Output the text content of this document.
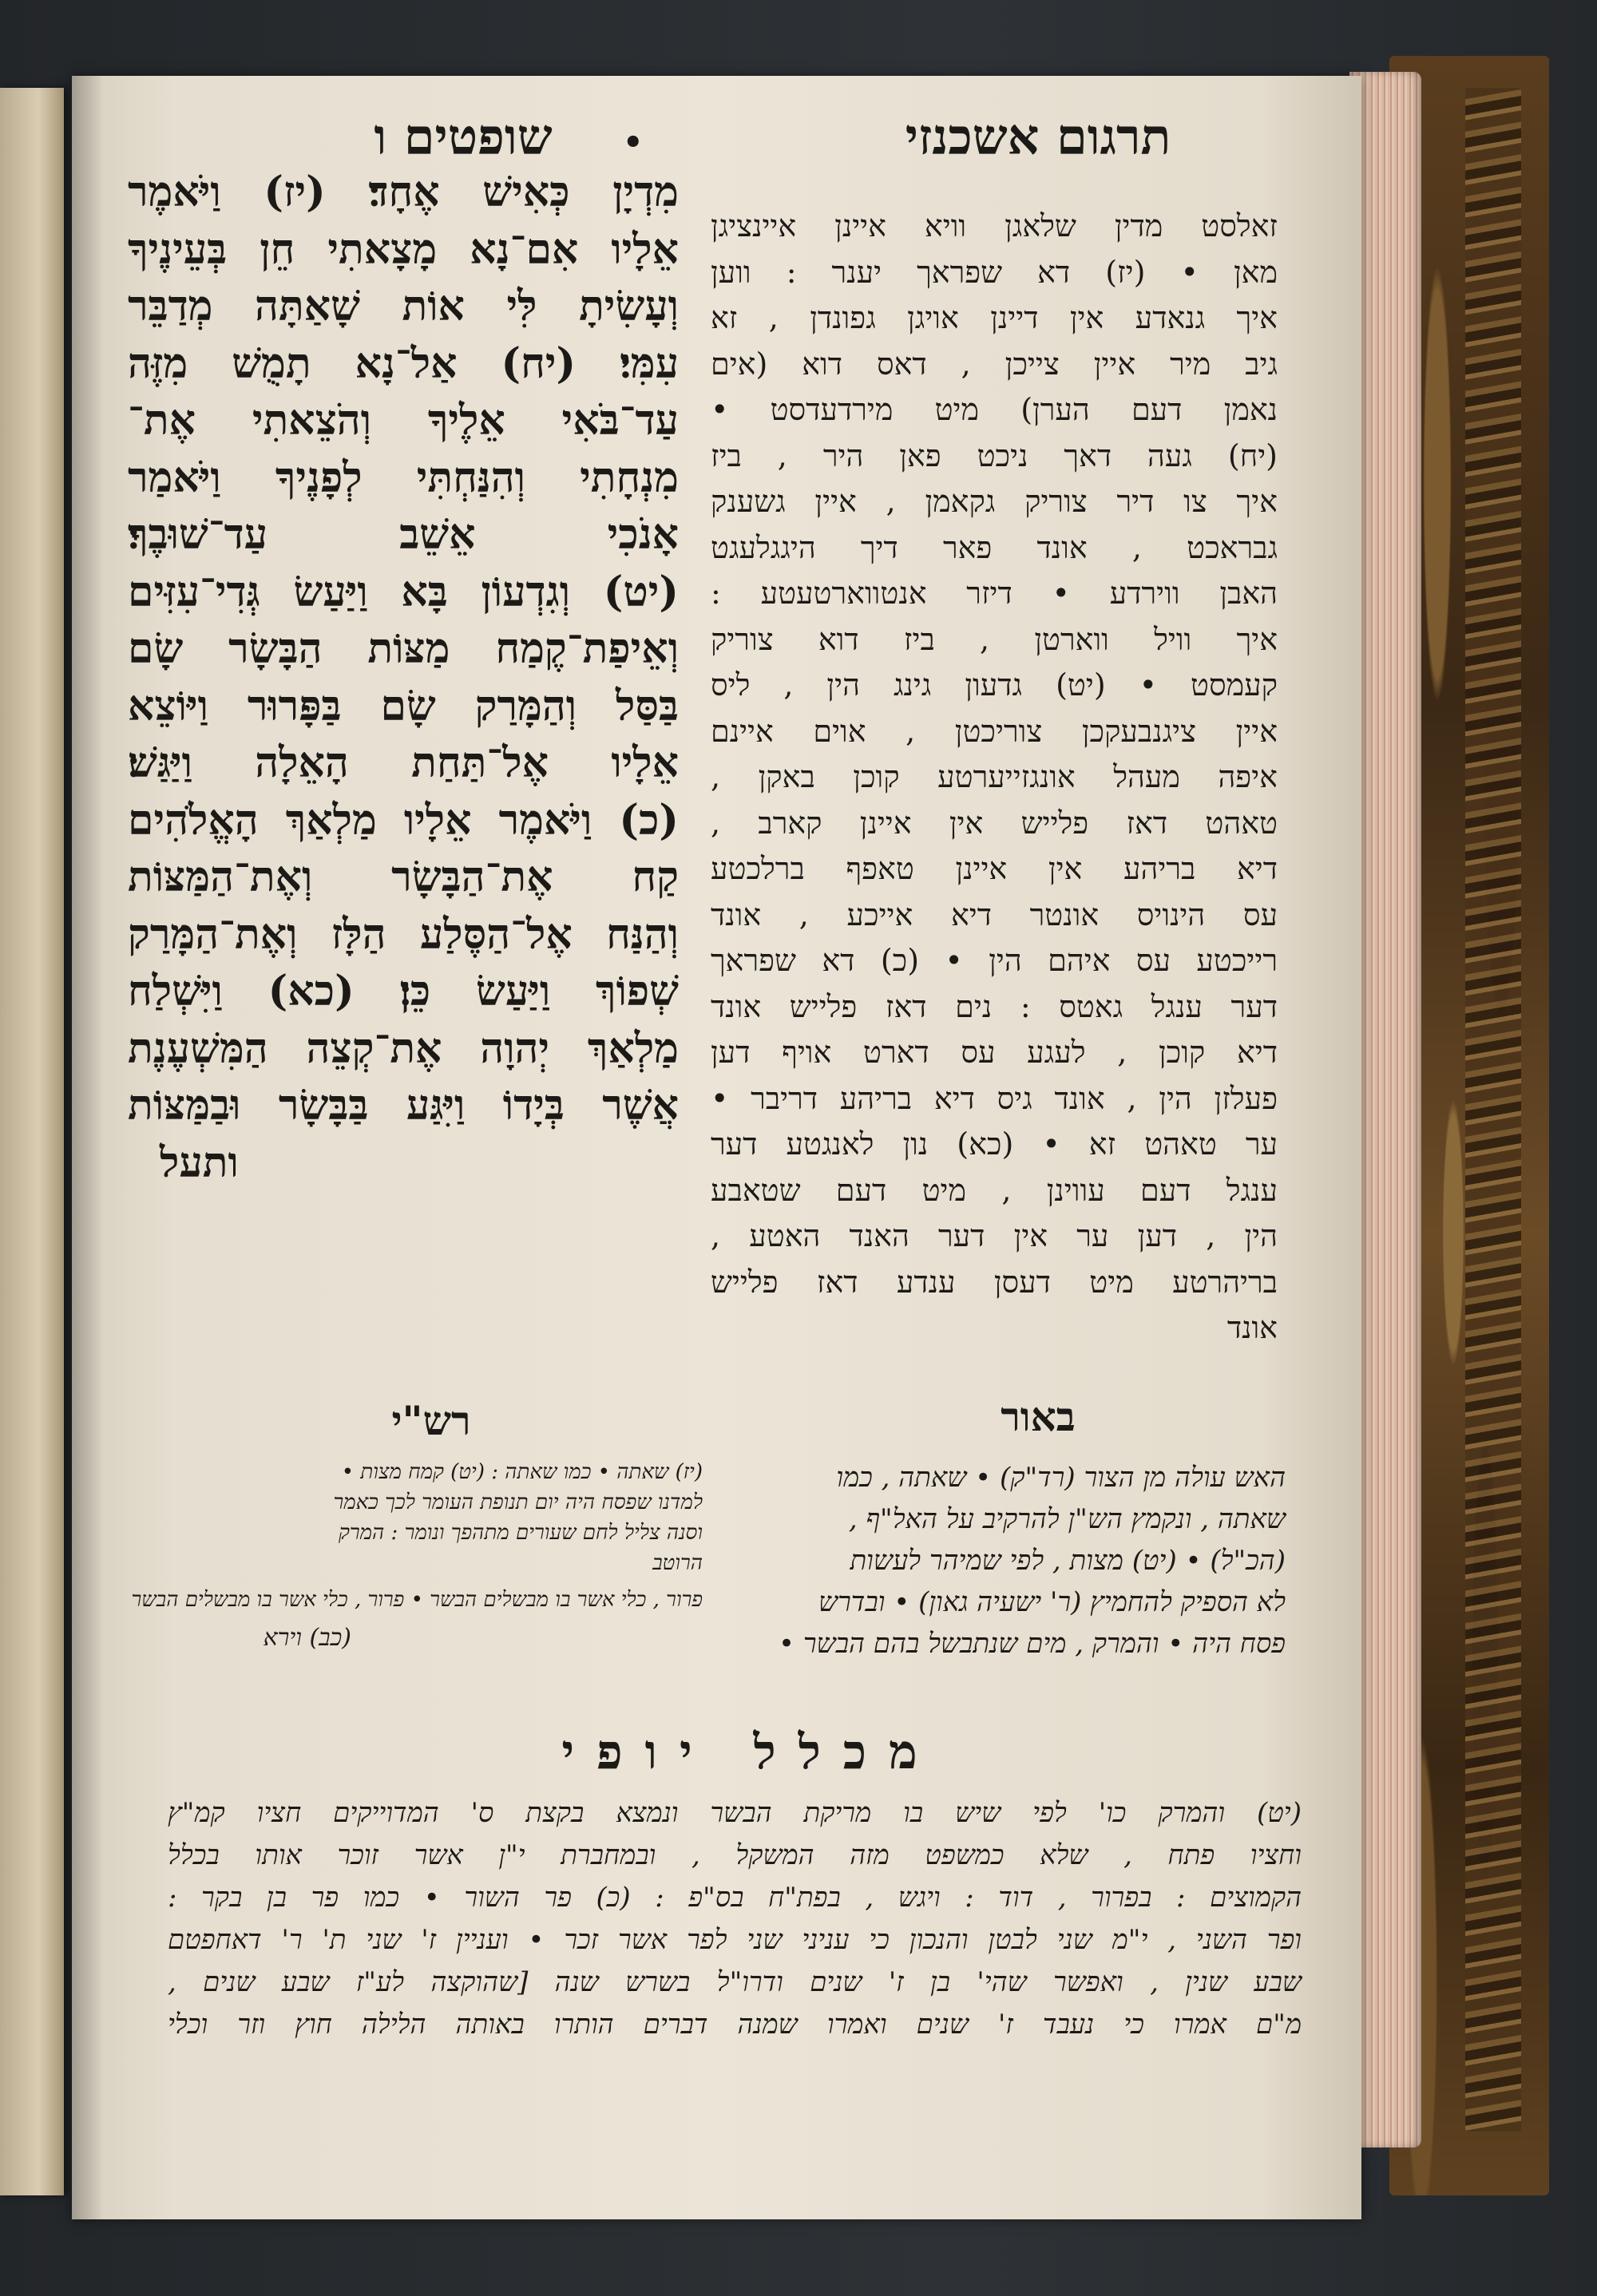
תרגום אשכנזי
•
שופטים ו
מִדְיָן כְּאִישׁ אֶחָד׃ (יז) וַיֹּאמֶר
אֵלָיו אִם־נָא מָצָאתִי חֵן בְּעֵינֶיךָ
וְעָשִׂיתָ לִּי אוֹת שָׁאַתָּה מְדַבֵּר
עִמִּי׃ (יח) אַל־נָא תָמֻשׁ מִזֶּה
עַד־בֹּאִי אֵלֶיךָ וְהֹצֵאתִי אֶת־
מִנְחָתִי וְהִנַּחְתִּי לְפָנֶיךָ וַיֹּאמַר
אָנֹכִי אֵשֵׁב עַד־שׁוּבֶךָ׃
(יט) וְגִדְעוֹן בָּא וַיַּעַשׂ גְּדִי־עִזִּים
וְאֵיפַת־קֶמַח מַצּוֹת הַבָּשָׂר שָׂם
בַּסַּל וְהַמָּרַק שָׂם בַּפָּרוּר וַיּוֹצֵא
אֵלָיו אֶל־תַּחַת הָאֵלָה וַיַּגַּשׁ׃
(כ) וַיֹּאמֶר אֵלָיו מַלְאַךְ הָאֱלֹהִים
קַח אֶת־הַבָּשָׂר וְאֶת־הַמַּצּוֹת
וְהַנַּח אֶל־הַסֶּלַע הַלָּז וְאֶת־הַמָּרַק
שְׁפוֹךְ וַיַּעַשׂ כֵּן׃ (כא) וַיִּשְׁלַח
מַלְאַךְ יְהוָה אֶת־קְצֵה הַמִּשְׁעֶנֶת
אֲשֶׁר בְּיָדוֹ וַיִּגַּע בַּבָּשָׂר וּבַמַּצּוֹת
ותעל
זאלסט מדין שלאגן וויא איינן איינציגן
מאן • (יז) דא שפראך יענר : ווען
איך גנאדע אין דיינן אויגן גפונדן , זא
גיב מיר איין צייכן , דאס דוא (אים
נאמן דעם הערן) מיט מירדעדסט •
(יח) געה דאך ניכט פאן היר , ביז
איך צו דיר צוריק גקאמן , איין גשענק
גבראכט , אונד פאר דיך היגגלעגט
האבן ווירדע • דיזר אנטווארטעטע :
איך וויל ווארטן , ביז דוא צוריק
קעמסט • (יט) גדעון גינג הין , ליס
איין ציגנבעקכן צוריכטן , אוים איינם
איפה מעהל אונגזייערטע קוכן באקן ,
טאהט דאז פלייש אין איינן קארב ,
דיא בריהע אין איינן טאפף ברלכטע
עס הינויס אונטר דיא אייכע , אונד
רייכטע עס איהם הין • (כ) דא שפראך
דער ענגל גאטס : נים דאז פלייש אונד
דיא קוכן , לעגע עס דארט אויף דען
פעלזן הין , אונד גיס דיא בריהע דריבר •
ער טאהט זא • (כא) נון לאנגטע דער
ענגל דעם עווינן , מיט דעם שטאבע
הין , דען ער אין דער האנד האטע ,
בריהרטע מיט דעסן ענדע דאז פלייש
אונד
רש"י	באור
(יז) שאתה • כמו שאתה : (יט) קמח מצות •
למדנו שפסח היה יום תנופת העומר לכך כאמר
וסנה צליל לחם שעורים מתהפך ונומר : המרק
הרוטב
פרור , כלי אשר בו מבשלים הבשר • פרור , כלי אשר בו מבשלים הבשר
(כב) וירא
האש עולה מן הצור (רד"ק) • שאתה , כמו
שאתה , ונקמץ הש"ן להרקיב על האל"ף ,
(הכ"ל) • (יט) מצות , לפי שמיהר לעשות
לא הספיק להחמיץ (ר' ישעיה גאון) • ובדרש
פסח היה • והמרק , מים שנתבשל בהם הבשר •
מכלל יופי
(יט) והמרק כו' לפי שיש בו מריקת הבשר ונמצא בקצת ס' המדוייקים חציו קמ"ץ
וחציו פתח , שלא כמשפט מזה המשקל , ובמחברת י"ן אשר זוכר אותו בכלל
הקמוצים : בפרור , דוד : ויגש , בפת"ח בס"פ : (כ) פר השור • כמו פר בן בקר :
ופר השני , י"מ שני לבטן והנכון כי עניני שני לפר אשר זכר • ועניין ז' שני ת' ר' דאחפטם
שבע שנין , ואפשר שהי' בן ז' שנים ודרו"ל בשרש שנה [שהוקצה לע"ז שבע שנים ,
מ"ם אמרו כי נעבד ז' שנים ואמרו שמנה דברים הותרו באותה הלילה חוץ וזר וכלי
